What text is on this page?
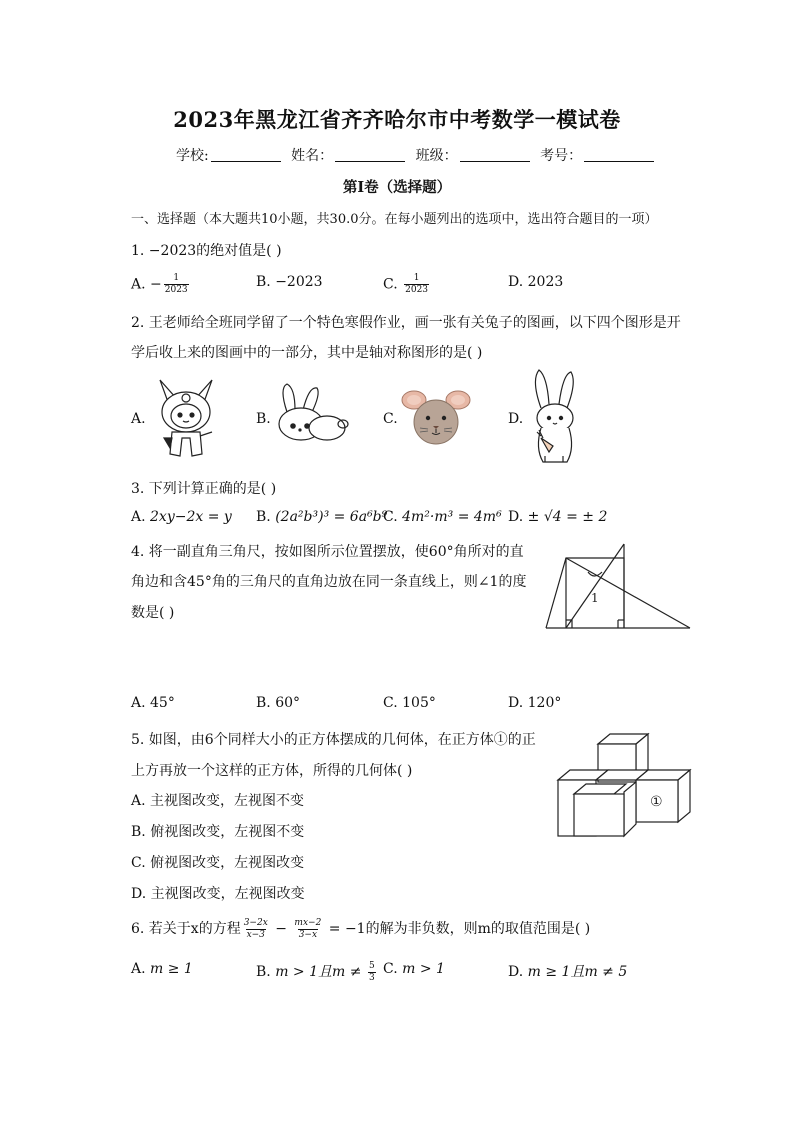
2023年黑龙江省齐齐哈尔市中考数学一模试卷
学校:	姓名：	班级：	考号：
第I卷（选择题）
一、选择题（本大题共10小题，共30.0分。在每小题列出的选项中，选出符合题目的一项）
1. −2023的绝对值是( )
A. − $\frac{1}{2023}$	B. −2023	C. $\frac{1}{2023}$	D. 2023
2. 王老师给全班同学留了一个特色寒假作业，画一张有关兔子的图画，以下四个图形是开
学后收上来的图画中的一部分，其中是轴对称图形的是( )
A.	B.	C.	D.
3. 下列计算正确的是( )
A. 2xy−2x = y B. (2a²b³)³ = 6a⁶b⁹
C. 4m²·m³ = 4m⁶ D. ± √4 = ± 2
4. 将一副直角三角尺，按如图所示位置摆放，使60°角所对的直
角边和含45°角的三角尺的直角边放在同一条直线上，则∠1的度
数是( )
1
A. 45°	B. 60°	C. 105°	D. 120°
5. 如图，由6个同样大小的正方体摆成的几何体，在正方体①的正
上方再放一个这样的正方体，所得的几何体( )
①
A. 主视图改变，左视图不变
B. 俯视图改变，左视图不变
C. 俯视图改变，左视图改变
D. 主视图改变，左视图改变
6. 若关于x的方程 $\frac{3-2x}{x-3} - \frac{mx-2}{3-x} = -1$的解为非负数，则m的取值范围是( )
A. m ≥ 1	B. m > 1且$m \ne \frac{5}{3} C$. m > 1	D. m ≥ 1且m ≠ 5
